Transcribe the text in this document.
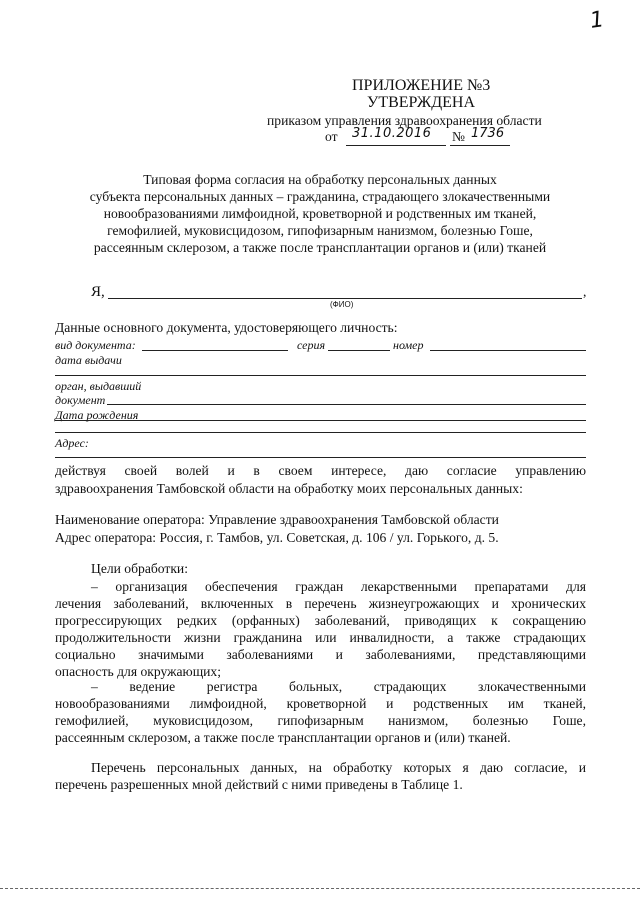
1
ПРИЛОЖЕНИЕ №3
УТВЕРЖДЕНА
приказом управления здравоохранения области
от 31.10.2016 № 1736
Типовая форма согласия на обработку персональных данных
субъекта персональных данных – гражданина, страдающего злокачественными
новообразованиями лимфоидной, кроветворной и родственных им тканей,
гемофилией, муковисцидозом, гипофизарным нанизмом, болезнью Гоше,
рассеянным склерозом, а также после трансплантации органов и (или) тканей
Я,	,
(ФИО)
Данные основного документа, удостоверяющего личность:
вид документа:	серия	номер
дата выдачи
орган, выдавший
документ
Дата рождения
Адрес:
действуя своей волей и в своем интересе, даю согласие управлению
здравоохранения Тамбовской области на обработку моих персональных данных:
Наименование оператора: Управление здравоохранения Тамбовской области
Адрес оператора: Россия, г. Тамбов, ул. Советская, д. 106 / ул. Горького, д. 5.
Цели обработки:
– организация обеспечения граждан лекарственными препаратами для
лечения заболеваний, включенных в перечень жизнеугрожающих и хронических
прогрессирующих редких (орфанных) заболеваний, приводящих к сокращению
продолжительности жизни гражданина или инвалидности, а также страдающих
социально значимыми заболеваниями и заболеваниями, представляющими
опасность для окружающих;
– ведение регистра больных, страдающих злокачественными
новообразованиями лимфоидной, кроветворной и родственных им тканей,
гемофилией, муковисцидозом, гипофизарным нанизмом, болезнью Гоше,
рассеянным склерозом, а также после трансплантации органов и (или) тканей.
Перечень персональных данных, на обработку которых я даю согласие, и
перечень разрешенных мной действий с ними приведены в Таблице 1.
